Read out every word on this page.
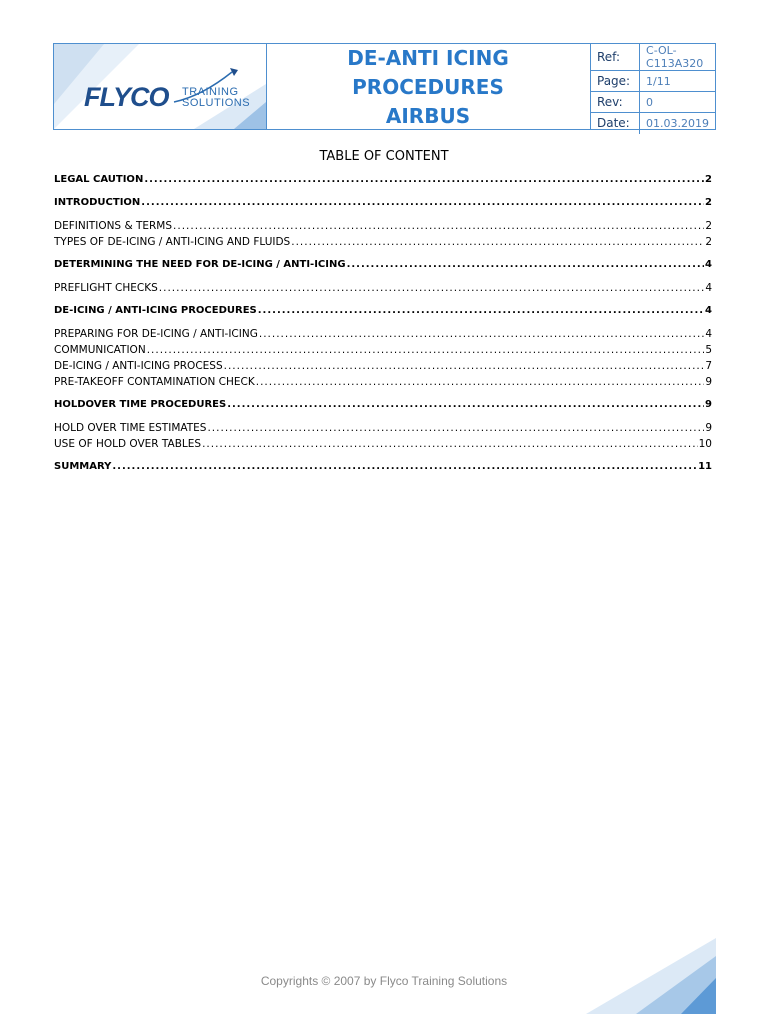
FLYCO TRAINING
SOLUTIONS
DE-ANTI ICING
PROCEDURES
AIRBUS
Ref:	C-OL-C113A320
Page:	1/11
Rev:	0
Date:	01.03.2019
TABLE OF CONTENT
LEGAL CAUTION .....	2
INTRODUCTION .....	2
DEFINITIONS & TERMS .....	2
TYPES OF DE-ICING / ANTI-ICING AND FLUIDS .....	2
DETERMINING THE NEED FOR DE-ICING / ANTI-ICING .....	4
PREFLIGHT CHECKS .....	4
DE-ICING / ANTI-ICING PROCEDURES .....	4
PREPARING FOR DE-ICING / ANTI-ICING .....	4
COMMUNICATION .....	5
DE-ICING / ANTI-ICING PROCESS .....	7
PRE-TAKEOFF CONTAMINATION CHECK .....	9
HOLDOVER TIME PROCEDURES .....	9
HOLD OVER TIME ESTIMATES .....	9
USE OF HOLD OVER TABLES .....	10
SUMMARY .....	11
Copyrights © 2007 by Flyco Training Solutions
